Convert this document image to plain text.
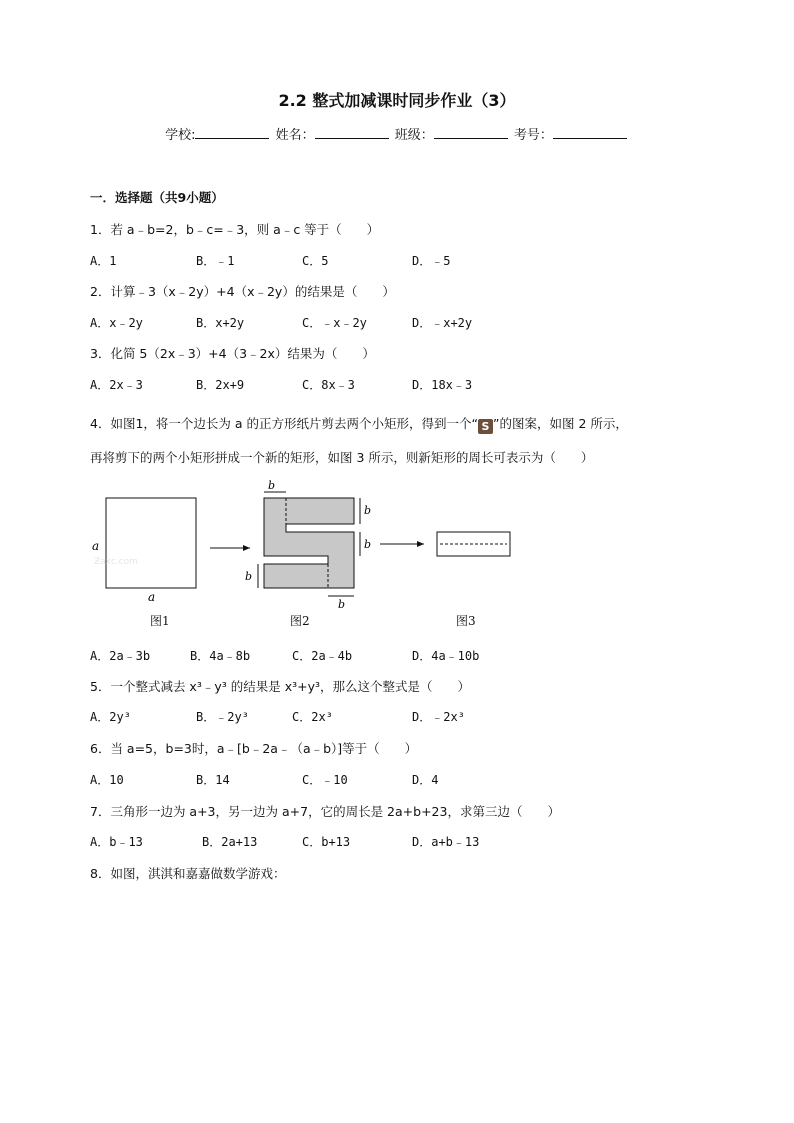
2.2 整式加减课时同步作业（3）
学校:	姓名：	班级：	考号：
一．选择题（共9小题）
1．若 a﹣b=2，b﹣c=﹣3，则 a﹣c 等于（　　）
A．1	B．﹣1	C．5	D．﹣5
2．计算﹣3（x﹣2y）+4（x﹣2y）的结果是（　　）
A．x﹣2y	B．x+2y	C．﹣x﹣2y	D．﹣x+2y
3．化简 5（2x﹣3）+4（3﹣2x）结果为（　　）
A．2x﹣3	B．2x+9	C．8x﹣3	D．18x﹣3
4．如图1，将一个边长为 a 的正方形纸片剪去两个小矩形，得到一个“ S ”的图案，如图 2 所示，
再将剪下的两个小矩形拼成一个新的矩形，如图 3 所示，则新矩形的周长可表示为（　　）
a
a
Ƶaxc.com
b
b
b
b
b
图1	图2	图3
A．2a﹣3b	B．4a﹣8b	C．2a﹣4b	D．4a﹣10b
5．一个整式减去 x³﹣y³ 的结果是 x³+y³，那么这个整式是（　　）
A．2y³	B．﹣2y³	C．2x³	D．﹣2x³
6．当 a=5，b=3时，a﹣[b﹣2a﹣（a﹣b）]等于（　　）
A．10	B．14	C．﹣10	D．4
7．三角形一边为 a+3，另一边为 a+7，它的周长是 2a+b+23，求第三边（　　）
A．b﹣13	B．2a+13	C．b+13	D．a+b﹣13
8．如图，淇淇和嘉嘉做数学游戏：
